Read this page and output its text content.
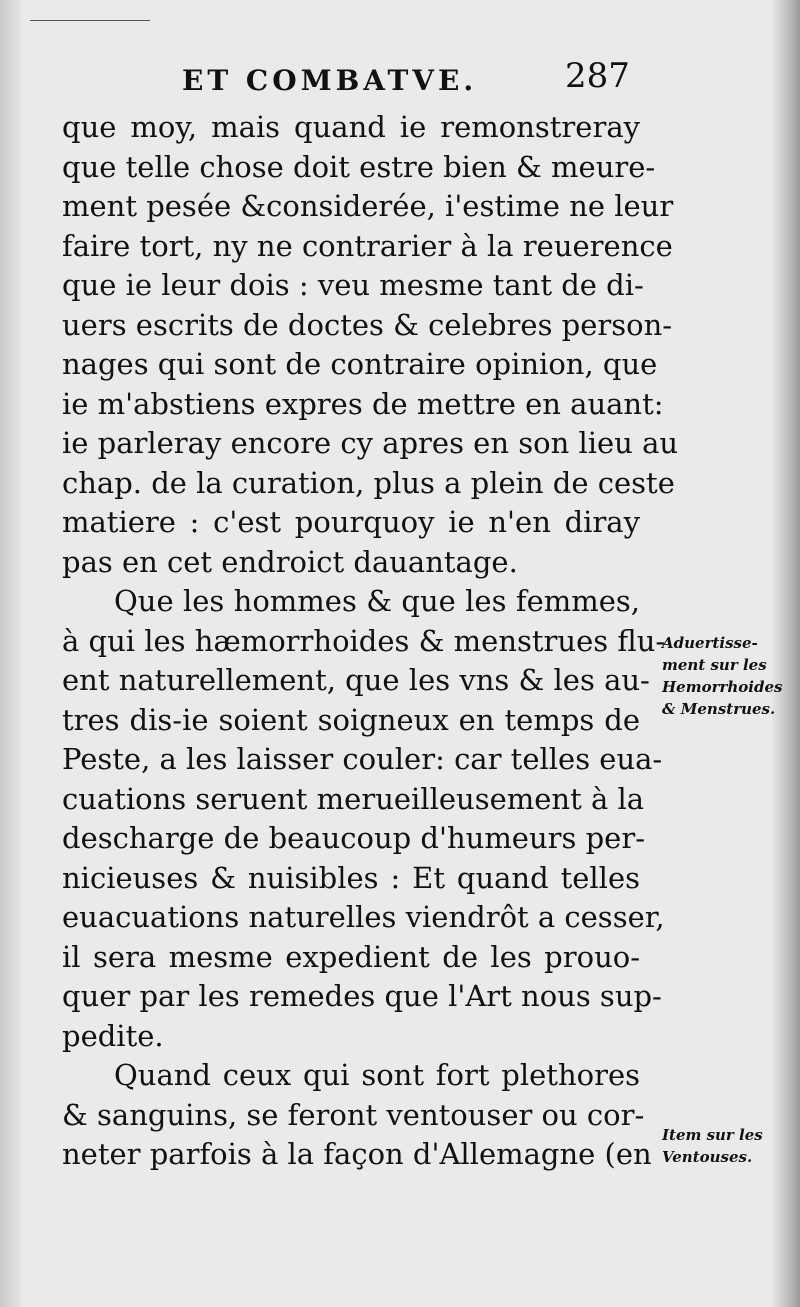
ET COMBATVE.	287
que moy, mais quand ie remonstreray
que telle chose doit estre bien & meure-
ment pesée &considerée, i'estime ne leur
faire tort, ny ne contrarier à la reuerence
que ie leur dois : veu mesme tant de di-
uers escrits de doctes & celebres person-
nages qui sont de contraire opinion, que
ie m'abstiens expres de mettre en auant:
ie parleray encore cy apres en son lieu au
chap. de la curation, plus a plein de ceste
matiere : c'est pourquoy ie n'en diray
pas en cet endroict dauantage.
Que les hommes & que les femmes,
à qui les hæmorrhoides & menstrues flu-
ent naturellement, que les vns & les au-
tres dis-ie soient soigneux en temps de
Peste, a les laisser couler: car telles eua-
cuations seruent merueilleusement à la
descharge de beaucoup d'humeurs per-
nicieuses & nuisibles : Et quand telles
euacuations naturelles viendrôt a cesser,
il sera mesme expedient de les prouo-
quer par les remedes que l'Art nous sup-
pedite.
Quand ceux qui sont fort plethores
& sanguins, se feront ventouser ou cor-
neter parfois à la façon d'Allemagne (en
Aduertisse-
ment sur les
Hemorrhoides
& Menstrues.
Item sur les
Ventouses.
